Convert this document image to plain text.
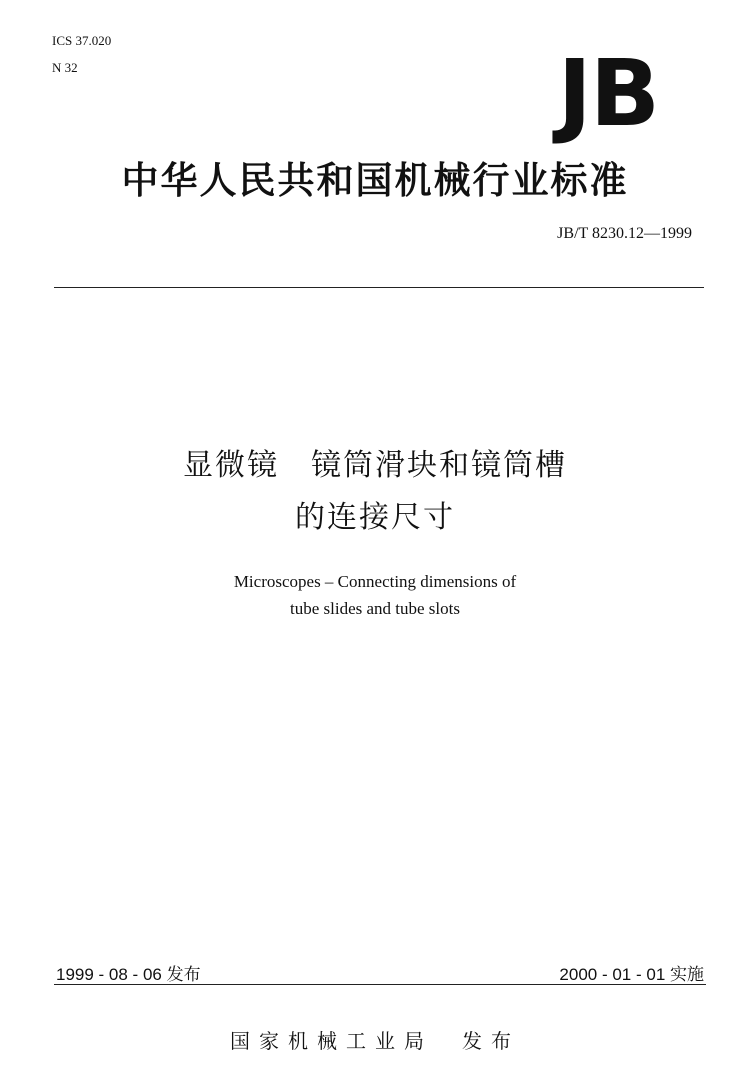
ICS 37.020
N 32	JB
中华人民共和国机械行业标准
JB/T 8230.12—1999
显微镜　镜筒滑块和镜筒槽
的连接尺寸
Microscopes – Connecting dimensions of
tube slides and tube slots
1999 - 08 - 06 发布	2000 - 01 - 01 实施
国家机械工业局　发布
